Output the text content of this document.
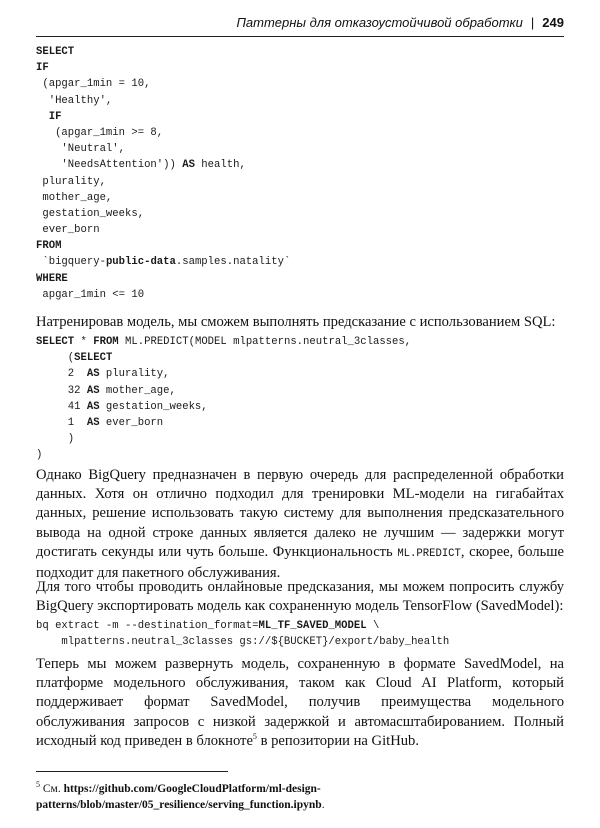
Паттерны для отказоустойчивой обработки | 249
SELECT
IF
(apgar_1min = 10,
'Healthy',
IF
(apgar_1min >= 8,
'Neutral',
'NeedsAttention')) AS health,
plurality,
mother_age,
gestation_weeks,
ever_born
FROM
`bigquery-public-data.samples.natality`
WHERE
apgar_1min <= 10

Натренировав модель, мы сможем выполнять предсказание с использованием SQL:

SELECT * FROM ML.PREDICT(MODEL mlpatterns.neutral_3classes,
(SELECT
2  AS plurality,
32 AS mother_age,
41 AS gestation_weeks,
1  AS ever_born
)
)

Однако BigQuery предназначен в первую очередь для распределенной обработки данных. Хотя он отлично подходил для тренировки ML-модели на гигабайтах данных, решение использовать такую систему для выполнения предсказательного вывода на одной строке данных является далеко не лучшим — задержки могут достигать секунды или чуть больше. Функциональность ML.PREDICT, скорее, больше подходит для пакетного обслуживания.

Для того чтобы проводить онлайновые предсказания, мы можем попросить службу BigQuery экспортировать модель как сохраненную модель TensorFlow (SavedModel):

bq extract -m --destination_format=ML_TF_SAVED_MODEL \
mlpatterns.neutral_3classes gs://${BUCKET}/export/baby_health

Теперь мы можем развернуть модель, сохраненную в формате SavedModel, на платформе модельного обслуживания, таком как Cloud AI Platform, который поддерживает формат SavedModel, получив преимущества модельного обслуживания запросов с низкой задержкой и автомасштабированием. Полный исходный код приведен в блокноте$^5$ в репозитории на GitHub.

$^5$ См. https://github.com/GoogleCloudPlatform/ml-design-patterns/blob/master/05_resilience/serving_function.ipynb.
